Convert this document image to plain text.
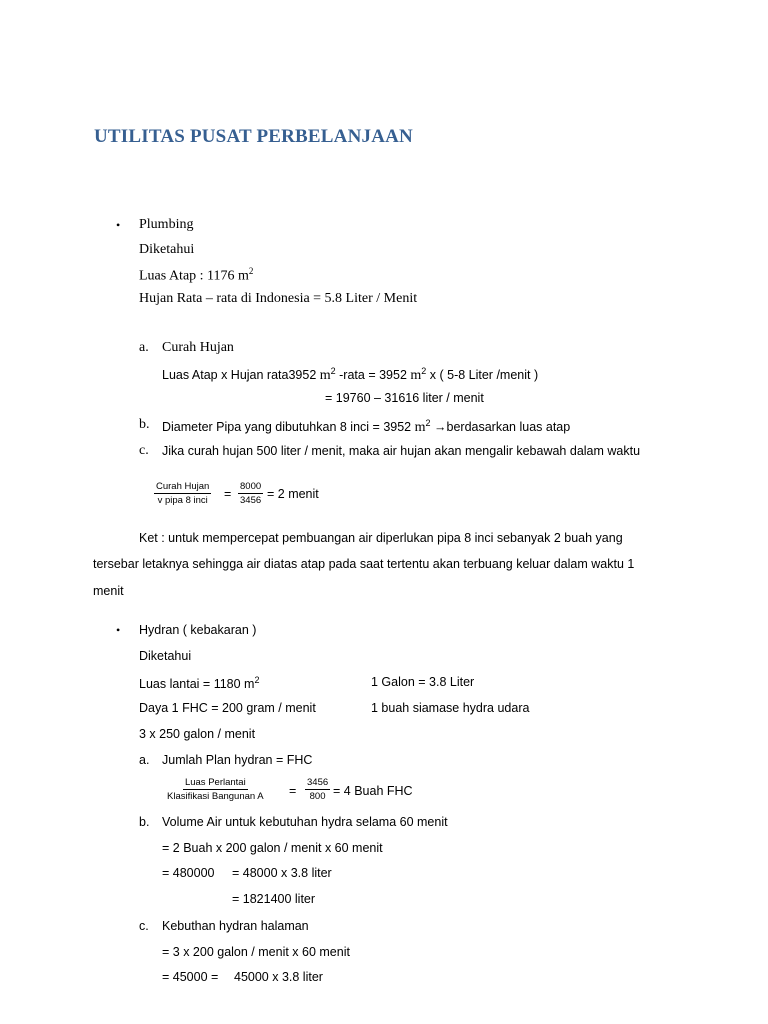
UTILITAS PUSAT PERBELANJAAN
• Plumbing
Diketahui
Luas Atap : 1176 $m^2$
Hujan Rata – rata di Indonesia = 5.8 Liter / Menit
a. Curah Hujan
Luas Atap x Hujan rata3952 $m^2$ -rata = 3952 $m^2$ x ( 5-8 Liter /menit )
= 19760 – 31616 liter / menit
b. Diameter Pipa yang dibutuhkan 8 inci = 3952 $m^2$ →berdasarkan luas atap
c. Jika curah hujan 500 liter / menit, maka air hujan akan mengalir kebawah dalam waktu
Curah Hujan
v pipa 8 inci = $\frac{8000}{3456} = 2$ menit
Ket : untuk mempercepat pembuangan air diperlukan pipa 8 inci sebanyak 2 buah yang
tersebar letaknya sehingga air diatas atap pada saat tertentu akan terbuang keluar dalam waktu 1
menit
• Hydran ( kebakaran )
Diketahui
Luas lantai = 1180 $m^2$	1 Galon = 3.8 Liter
Daya 1 FHC = 200 gram / menit	1 buah siamase hydra udara
3 x 250 galon / menit
a. Jumlah Plan hydran = FHC
Luas Perlantai
Klasifikasi Bangunan $A = \frac{3456}{800} = 4$ Buah FHC
b. Volume Air untuk kebutuhan hydra selama 60 menit
= 2 Buah x 200 galon / menit x 60 menit
= 480000 = 48000 x 3.8 liter
= 1821400 liter
c. Kebuthan hydran halaman
= 3 x 200 galon / menit x 60 menit
= 45000 = 45000 x 3.8 liter
